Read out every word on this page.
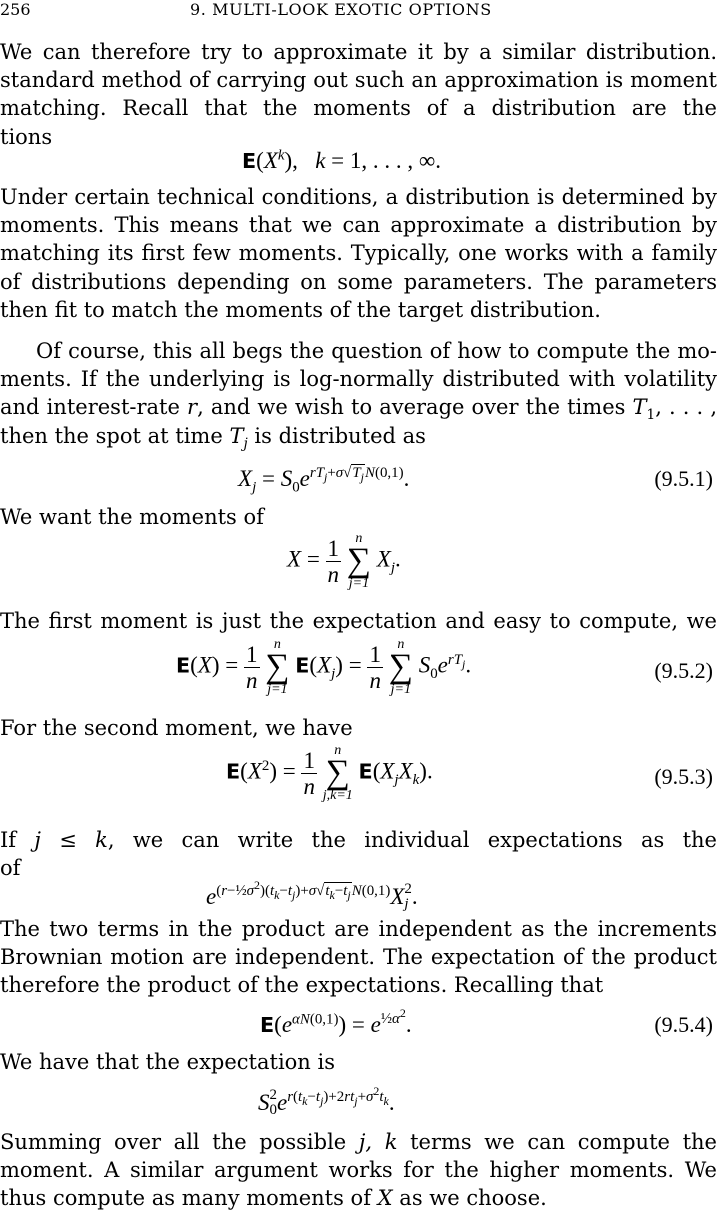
256	9. MULTI-LOOK EXOTIC OPTIONS
We can therefore try to approximate it by a similar distribution.
standard method of carrying out such an approximation is moment
matching. Recall that the moments of a distribution are the
tions
$E(X^k)$,   k = 1, . . . , ∞.
Under certain technical conditions, a distribution is determined by
moments. This means that we can approximate a distribution by
matching its first few moments. Typically, one works with a family
of distributions depending on some parameters. The parameters
then fit to match the moments of the target distribution.
Of course, this all begs the question of how to compute the mo-
ments. If the underlying is log-normally distributed with volatility
and interest-rate r, and we wish to average over the times $T_1$, . . . ,
then the spot at time $T_j$ is distributed as
$X_j = S_0e^{rT_j+\sigma√T_jN(0,1)}$.	(9.5.1)
We want the moments of
$X = \frac{1}{n}$
	n
∑
j=1
$X_j$.
The first moment is just the expectation and easy to compute, we
$E(X) = \frac{1}{n}$
	n
∑
j=1
$E(X_j) = \frac{1}{n}$
	n
∑
j=1
$S_0e^{rT_j}$.	(9.5.2)
For the second moment, we have
$E(X^2) = \frac{1}{n}$
	n
∑
j,k=1
$E(X_jX_k)$.	(9.5.3)
If j ≤ k, we can write the individual expectations as the
of
$e^{(r-\frac{1}{2}\sigma^2)(t_k-t_j)+\sigma√t_k-t_jN(0,1)}X$ 2
j .
The two terms in the product are independent as the increments
Brownian motion are independent. The expectation of the product
therefore the product of the expectations. Recalling that
$E(e^{\alpha N(0,1)}) = e^{\frac{1}{2}\alpha^2}$.	(9.5.4)
We have that the expectation is
S 2
0 $e^{r(t_k-t_j)+2rt_j+\sigma^2t_k}$.
Summing over all the possible j, k terms we can compute the
moment. A similar argument works for the higher moments. We
thus compute as many moments of X as we choose.
